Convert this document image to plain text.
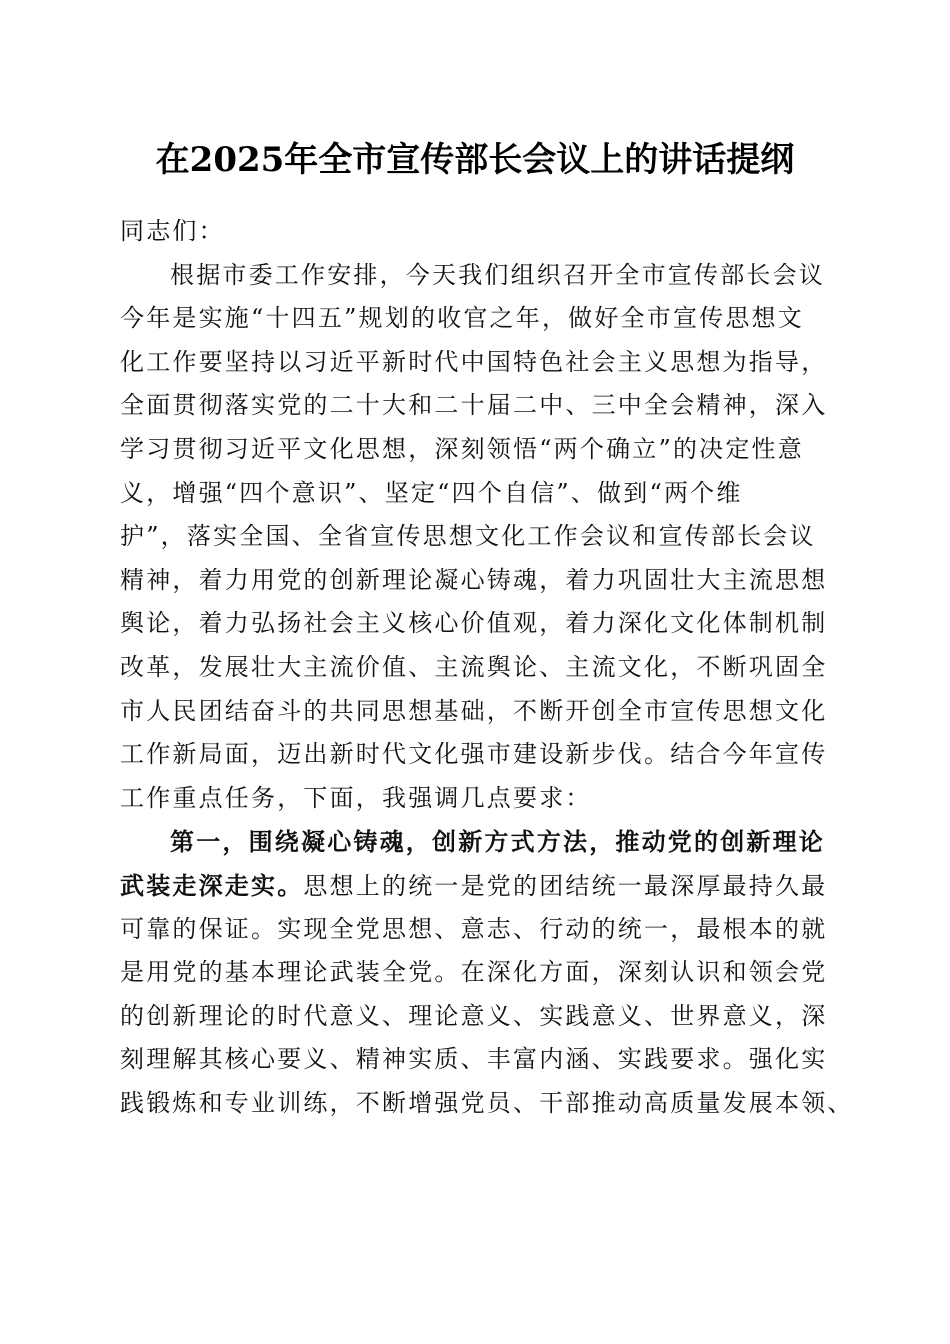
在2025年全市宣传部长会议上的讲话提纲
同志们：
根据市委工作安排，今天我们组织召开全市宣传部长会议
今年是实施“十四五”规划的收官之年，做好全市宣传思想文
化工作要坚持以习近平新时代中国特色社会主义思想为指导，
全面贯彻落实党的二十大和二十届二中、三中全会精神，深入
学习贯彻习近平文化思想，深刻领悟“两个确立”的决定性意
义，增强“四个意识”、坚定“四个自信”、做到“两个维
护”，落实全国、全省宣传思想文化工作会议和宣传部长会议
精神，着力用党的创新理论凝心铸魂，着力巩固壮大主流思想
舆论，着力弘扬社会主义核心价值观，着力深化文化体制机制
改革，发展壮大主流价值、主流舆论、主流文化，不断巩固全
市人民团结奋斗的共同思想基础，不断开创全市宣传思想文化
工作新局面，迈出新时代文化强市建设新步伐。结合今年宣传
工作重点任务，下面，我强调几点要求：
第一，围绕凝心铸魂，创新方式方法，推动党的创新理论
武装走深走实。思想上的统一是党的团结统一最深厚最持久最
可靠的保证。实现全党思想、意志、行动的统一，最根本的就
是用党的基本理论武装全党。在深化方面，深刻认识和领会党
的创新理论的时代意义、理论意义、实践意义、世界意义，深
刻理解其核心要义、精神实质、丰富内涵、实践要求。强化实
践锻炼和专业训练，不断增强党员、干部推动高质量发展本领、
